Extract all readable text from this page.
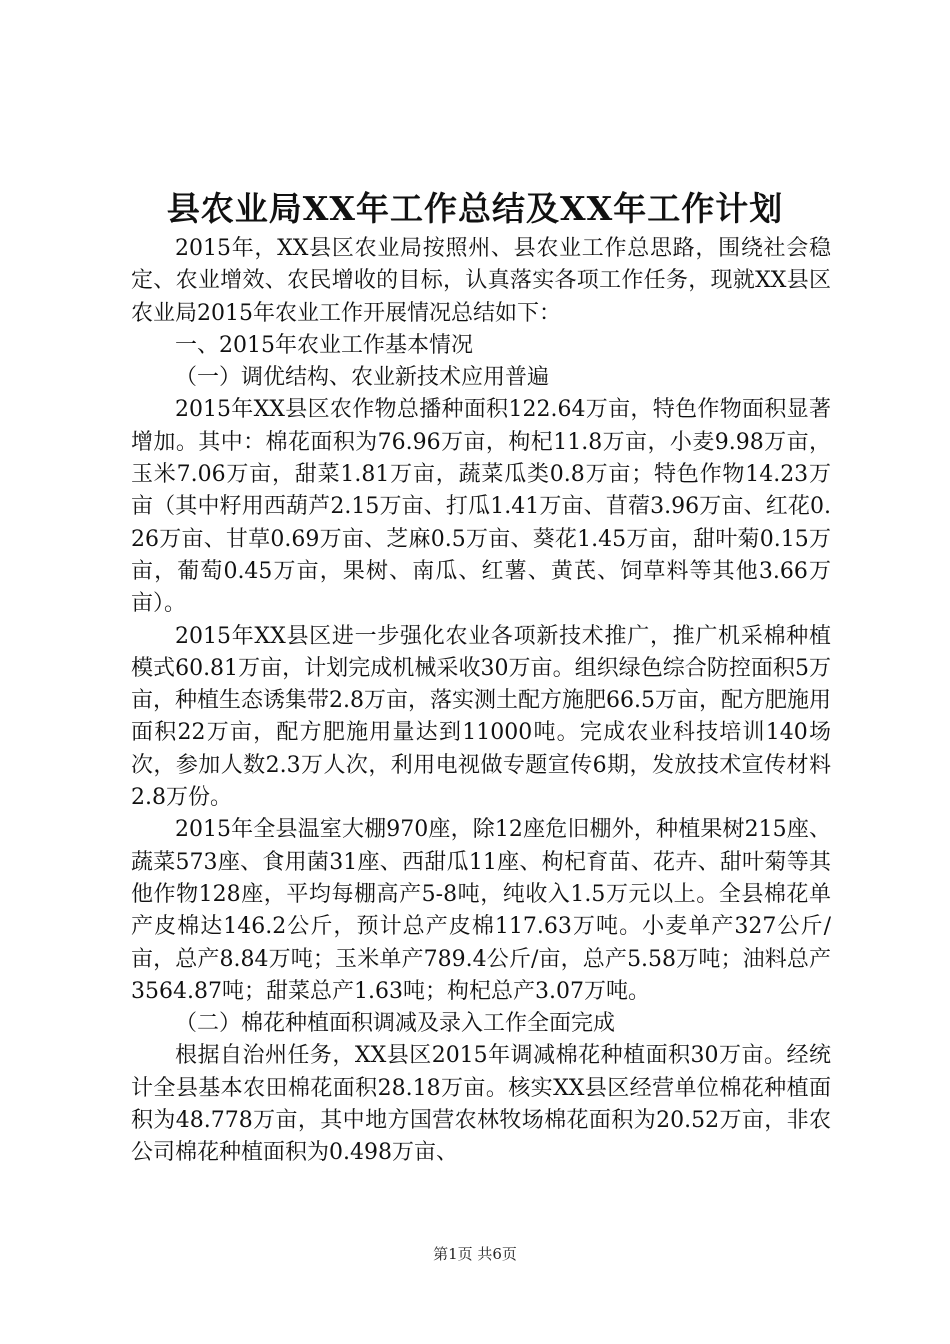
县农业局XX年工作总结及XX年工作计划

2015年，XX县区农业局按照州、县农业工作总思路，围绕社会稳定、农业增效、农民增收的目标，认真落实各项工作任务，现就XX县区农业局2015年农业工作开展情况总结如下：

一、2015年农业工作基本情况

（一）调优结构、农业新技术应用普遍

2015年XX县区农作物总播种面积122.64万亩，特色作物面积显著增加。其中：棉花面积为76.96万亩，枸杞11.8万亩，小麦9.98万亩，玉米7.06万亩，甜菜1.81万亩，蔬菜瓜类0.8万亩；特色作物14.23万亩（其中籽用西葫芦2.15万亩、打瓜1.41万亩、苜蓿3.96万亩、红花0.26万亩、甘草0.69万亩、芝麻0.5万亩、葵花1.45万亩，甜叶菊0.15万亩，葡萄0.45万亩，果树、南瓜、红薯、黄芪、饲草料等其他3.66万亩）。

2015年XX县区进一步强化农业各项新技术推广，推广机采棉种植模式60.81万亩，计划完成机械采收30万亩。组织绿色综合防控面积5万亩，种植生态诱集带2.8万亩，落实测土配方施肥66.5万亩，配方肥施用面积22万亩，配方肥施用量达到11000吨。完成农业科技培训140场次，参加人数2.3万人次，利用电视做专题宣传6期，发放技术宣传材料2.8万份。

2015年全县温室大棚970座，除12座危旧棚外，种植果树215座、蔬菜573座、食用菌31座、西甜瓜11座、枸杞育苗、花卉、甜叶菊等其他作物128座，平均每棚高产5-8吨，纯收入1.5万元以上。全县棉花单产皮棉达146.2公斤，预计总产皮棉117.63万吨。小麦单产327公斤/亩，总产8.84万吨；玉米单产789.4公斤/亩，总产5.58万吨；油料总产3564.87吨；甜菜总产1.63吨；枸杞总产3.07万吨。

（二）棉花种植面积调减及录入工作全面完成

根据自治州任务，XX县区2015年调减棉花种植面积30万亩。经统计全县基本农田棉花面积28.18万亩。核实XX县区经营单位棉花种植面积为48.778万亩，其中地方国营农林牧场棉花面积为20.52万亩，非农公司棉花种植面积为0.498万亩、

第1页 共6页
